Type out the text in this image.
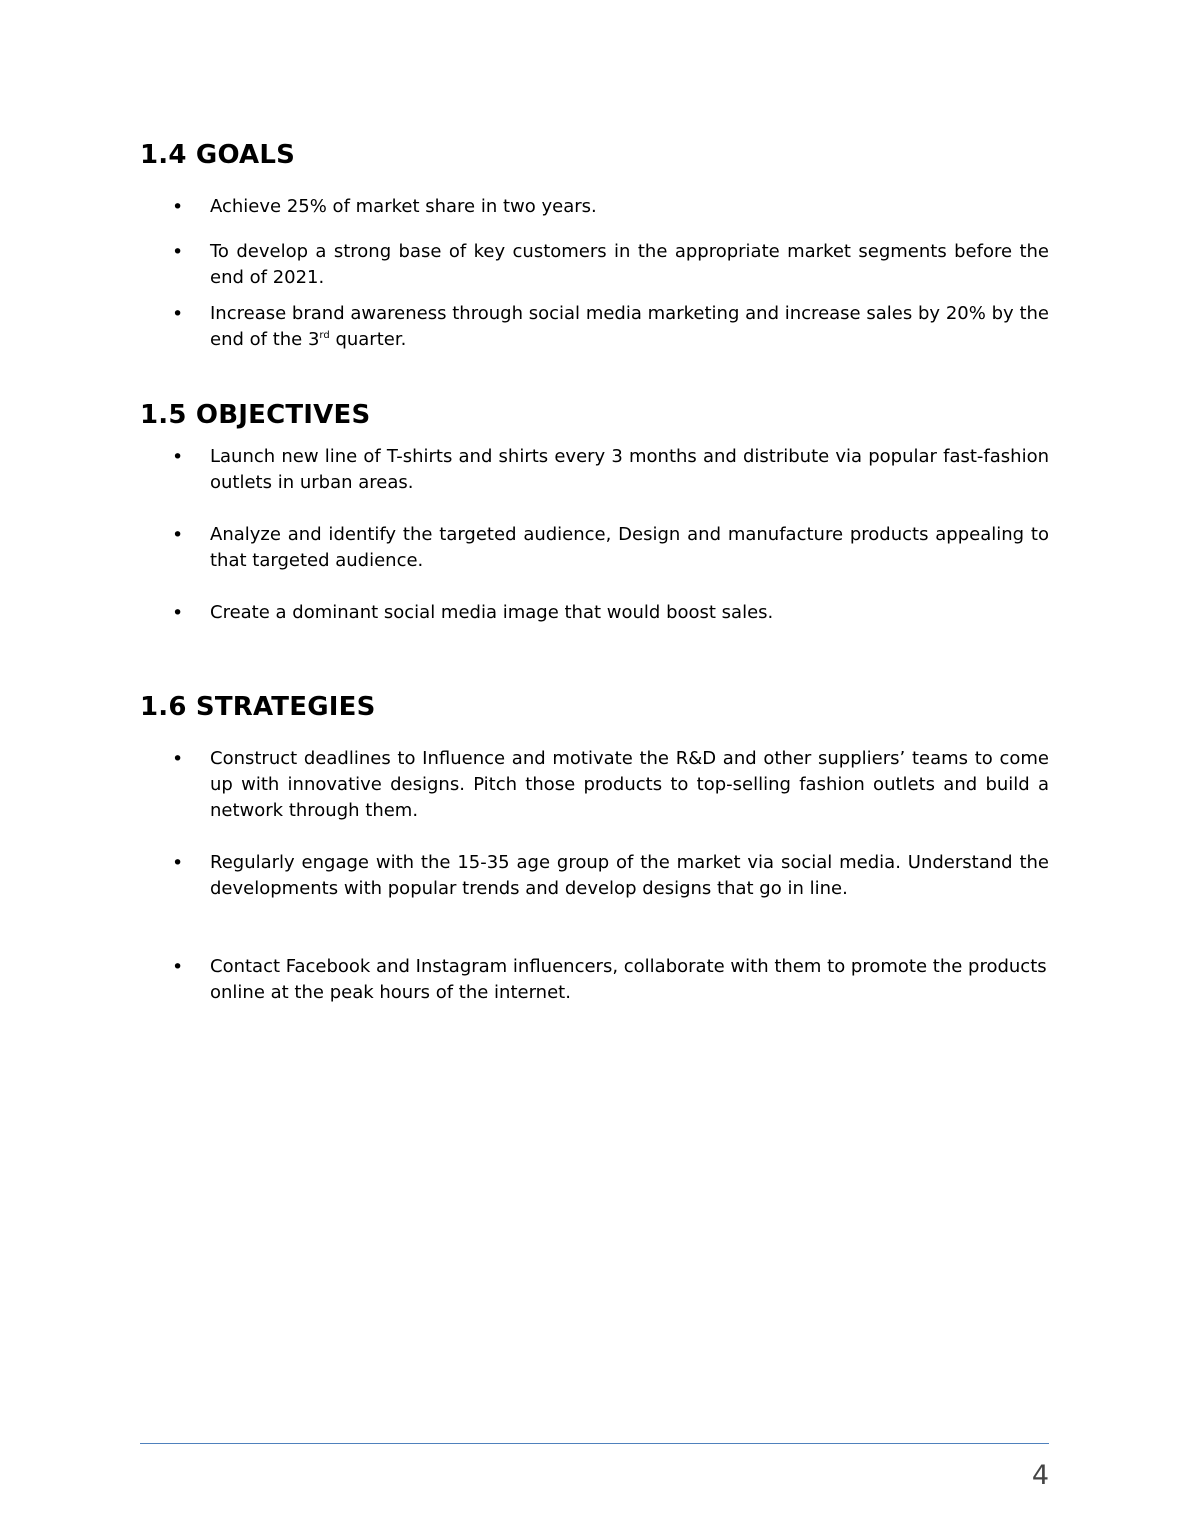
1.4 GOALS
• Achieve 25% of market share in two years.
• To develop a strong base of key customers in the appropriate market segments before the end of 2021.
• Increase brand awareness through social media marketing and increase sales by 20% by the end of the 3rd quarter.
1.5 OBJECTIVES
• Launch new line of T-shirts and shirts every 3 months and distribute via popular fast-fashion outlets in urban areas.
• Analyze and identify the targeted audience, Design and manufacture products appealing to that targeted audience.
• Create a dominant social media image that would boost sales.
1.6 STRATEGIES
• Construct deadlines to Influence and motivate the R&D and other suppliers’ teams to come up with innovative designs. Pitch those products to top-selling fashion outlets and build a network through them.
• Regularly engage with the 15-35 age group of the market via social media. Understand the developments with popular trends and develop designs that go in line.
• Contact Facebook and Instagram influencers, collaborate with them to promote the products online at the peak hours of the internet.
4
